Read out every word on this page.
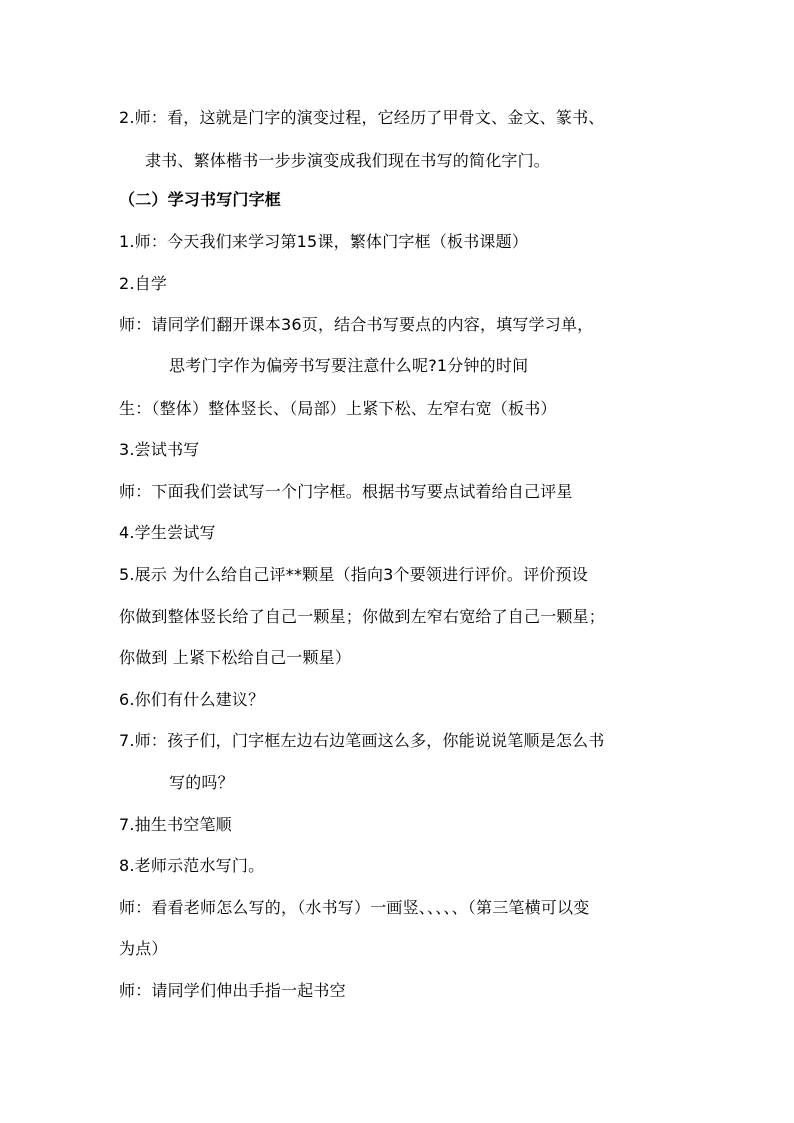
2.师：看，这就是门字的演变过程，它经历了甲骨文、金文、篆书、
隶书、繁体楷书一步步演变成我们现在书写的简化字门。
（二）学习书写门字框
1.师：今天我们来学习第15课，繁体门字框（板书课题）
2.自学
师：请同学们翻开课本36页，结合书写要点的内容，填写学习单，
思考门字作为偏旁书写要注意什么呢?1分钟的时间
生：（整体）整体竖长、（局部）上紧下松、左窄右宽（板书）
3.尝试书写
师：下面我们尝试写一个门字框。根据书写要点试着给自己评星
4.学生尝试写
5.展示 为什么给自己评**颗星（指向3个要领进行评价。评价预设
你做到整体竖长给了自己一颗星；你做到左窄右宽给了自己一颗星；
你做到 上紧下松给自己一颗星）
6.你们有什么建议？
7.师：孩子们，门字框左边右边笔画这么多，你能说说笔顺是怎么书
写的吗？
7.抽生书空笔顺
8.老师示范水写门。
师：看看老师怎么写的，（水书写）一画竖、、、、、（第三笔横可以变
为点）
师：请同学们伸出手指一起书空
